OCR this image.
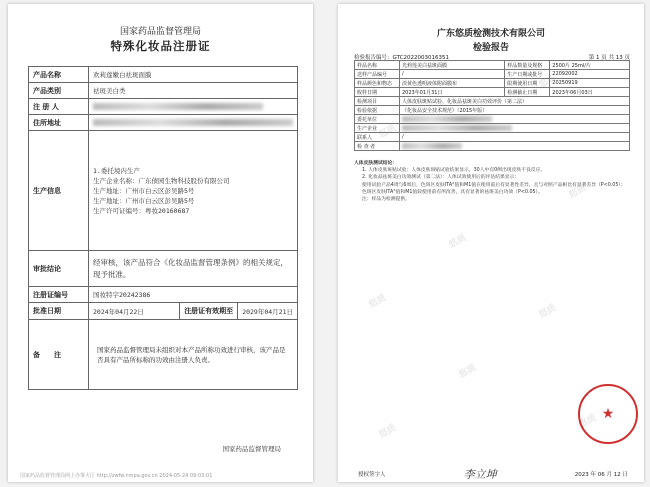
国家药品监督管理局
特殊化妆品注册证
产品名称	欢莉莲嫩白祛斑面膜
产品类别	祛斑美白类
注 册 人	
住所地址	
生产信息	1.委托境内生产
生产企业名称：广东债园生物科技股份有限公司
生产地址：广州市白云区彭吴路5号
生产地址：广州市白云区彭吴路5号
生产许可证编号：粤妆20160687

审批结论	经审核，该产品符合《化妆品监督管理条例》的相关规定，现予批准。
注册证编号	国妆特字20242386
批准日期	2024年04月22日 注册证有效期至 2029年04月21日

备　　注	国家药品监督管理局未组织对本产品所称功效进行审核，该产品是否具有产品所标称的功效由注册人负责。
国家药品监督管理局
国家药品监督管理局网上办事大厅 http://zwfw.nmpa.gov.cn 2024-05-24 09:03:01
悠质
悠质
悠质
悠质
悠质
悠质
悠质
悠质
悠质
广东悠质检测技术有限公司
检验报告
检验报告编号：GTC2022003016351	第 1 页 共 13 页
样品名称	光莉莲美白祛斑面膜	样品数量及规格	2500片 25ml/片
送样产品编号	/	生产日期或批号	22092002
样品颜色和物态	淡黄色透明液体附面膜布	限期使用日期	20250919
收样日期	2023年01月31日	检测截止日期	2023年06月03日
检测项目	人体皮肤斑贴试验、化妆品祛斑美白功效评价（第二法）		
检验依据	《化妆品安全技术规范》（2015年版）		
委托单位			
生产企业			
联系人	/		
检 查 者			

人体皮肤测试结论：

1. 人体皮肤斑贴试验：人体皮肤斑贴试验结果显示，30人中有0例出现皮肤不良反应。

2. 化妆品祛斑美白功效测试（第二法）：人体试效使用后的评估结果显示：

使用试验产品4周与6周后，色斑区皮肤ITA°值和M1值在使用前后有显著性差异，且与对照产品相比有显著差异（P<0.05）；色斑区皮肤ITA°值和M1值较使用前有所改善，具有显著的祛斑美白功效（P<0.05）。

注：样品为检测提供。

★
授权签字人	李立坤	2023 年 06 月 12 日
